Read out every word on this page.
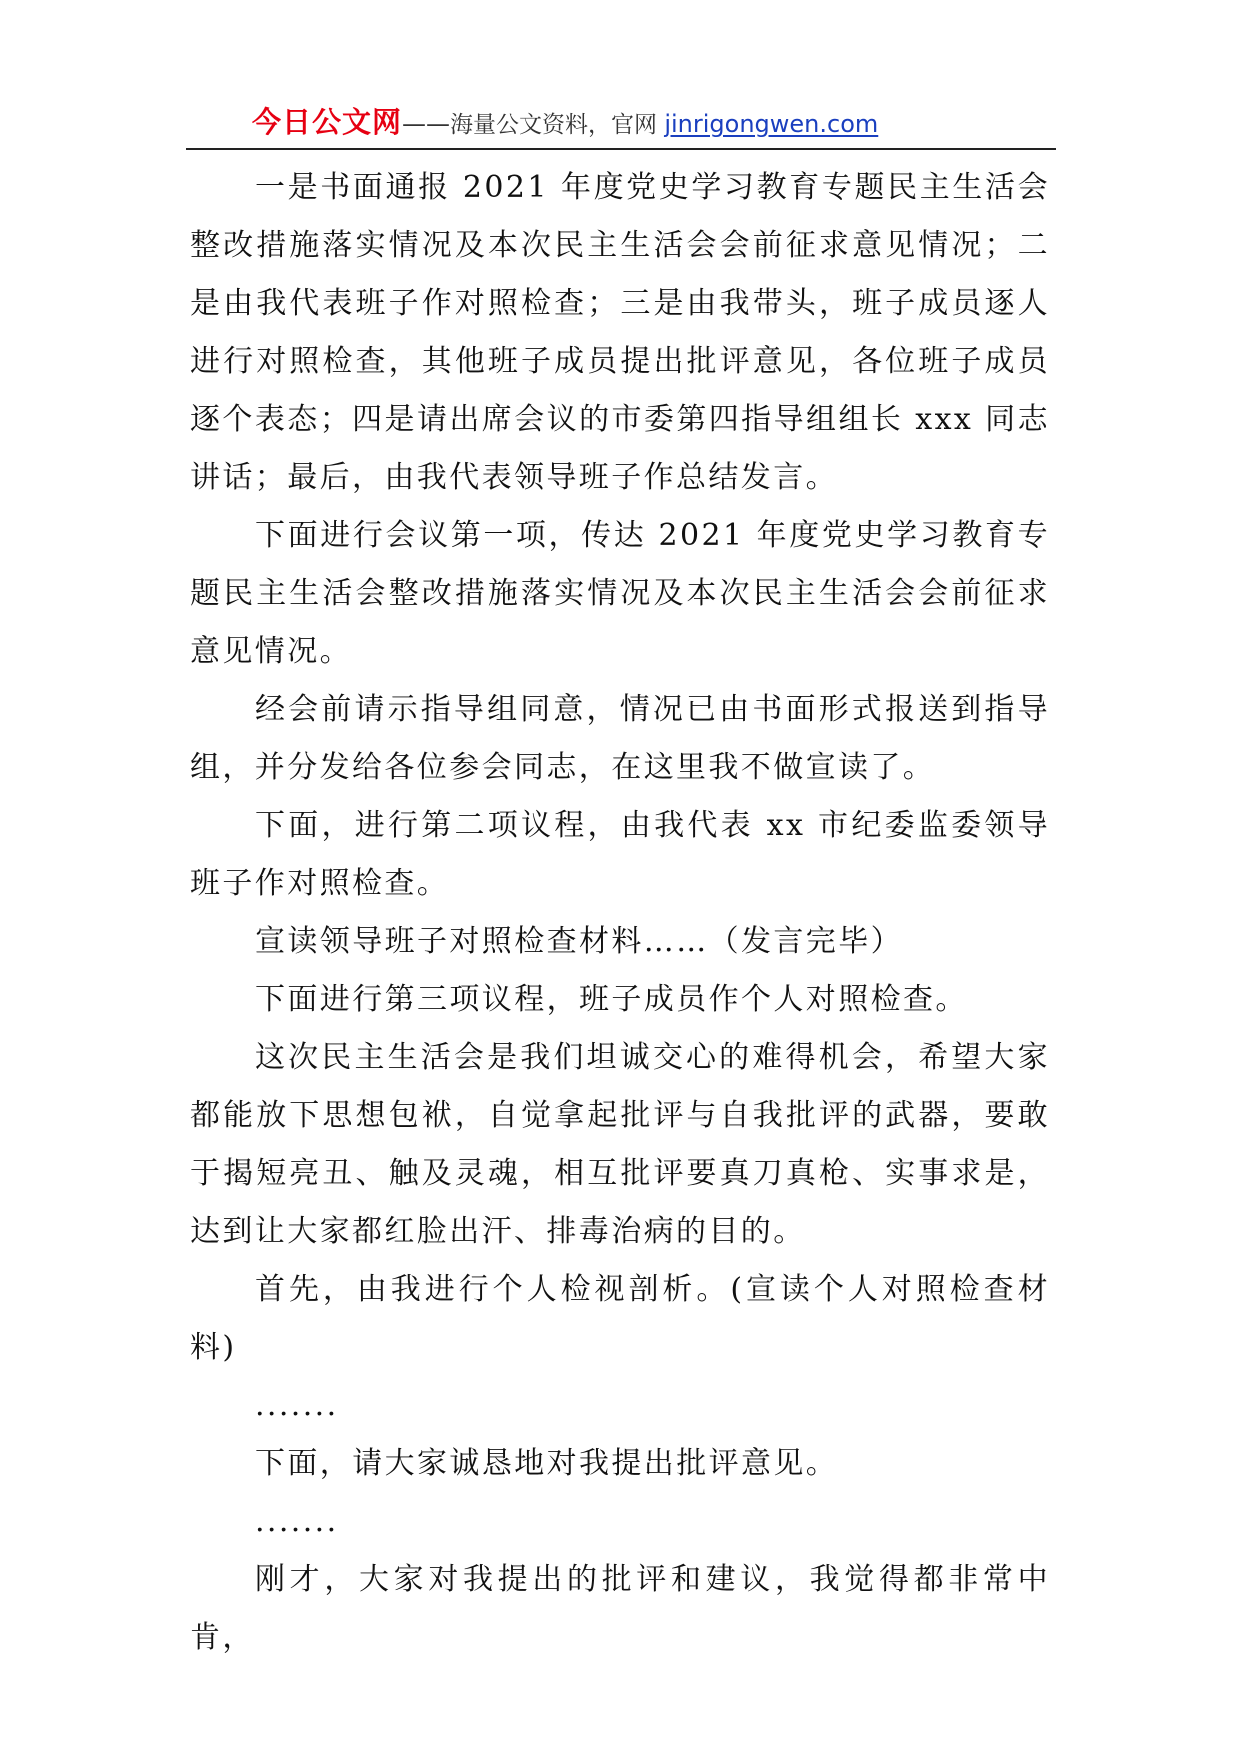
今日公文网——海量公文资料，官网 jinrigongwen.com

一是书面通报 2021 年度党史学习教育专题民主生活会整改措施落实情况及本次民主生活会会前征求意见情况；二是由我代表班子作对照检查；三是由我带头，班子成员逐人进行对照检查，其他班子成员提出批评意见，各位班子成员逐个表态；四是请出席会议的市委第四指导组组长 xxx 同志讲话；最后，由我代表领导班子作总结发言。

下面进行会议第一项，传达 2021 年度党史学习教育专题民主生活会整改措施落实情况及本次民主生活会会前征求意见情况。

经会前请示指导组同意，情况已由书面形式报送到指导组，并分发给各位参会同志，在这里我不做宣读了。

下面，进行第二项议程，由我代表 xx 市纪委监委领导班子作对照检查。

宣读领导班子对照检查材料……（发言完毕）

下面进行第三项议程，班子成员作个人对照检查。

这次民主生活会是我们坦诚交心的难得机会，希望大家都能放下思想包袱，自觉拿起批评与自我批评的武器，要敢于揭短亮丑、触及灵魂，相互批评要真刀真枪、实事求是，达到让大家都红脸出汗、排毒治病的目的。

首先，由我进行个人检视剖析。(宣读个人对照检查材料)

.......

下面，请大家诚恳地对我提出批评意见。

.......

刚才，大家对我提出的批评和建议，我觉得都非常中肯，
